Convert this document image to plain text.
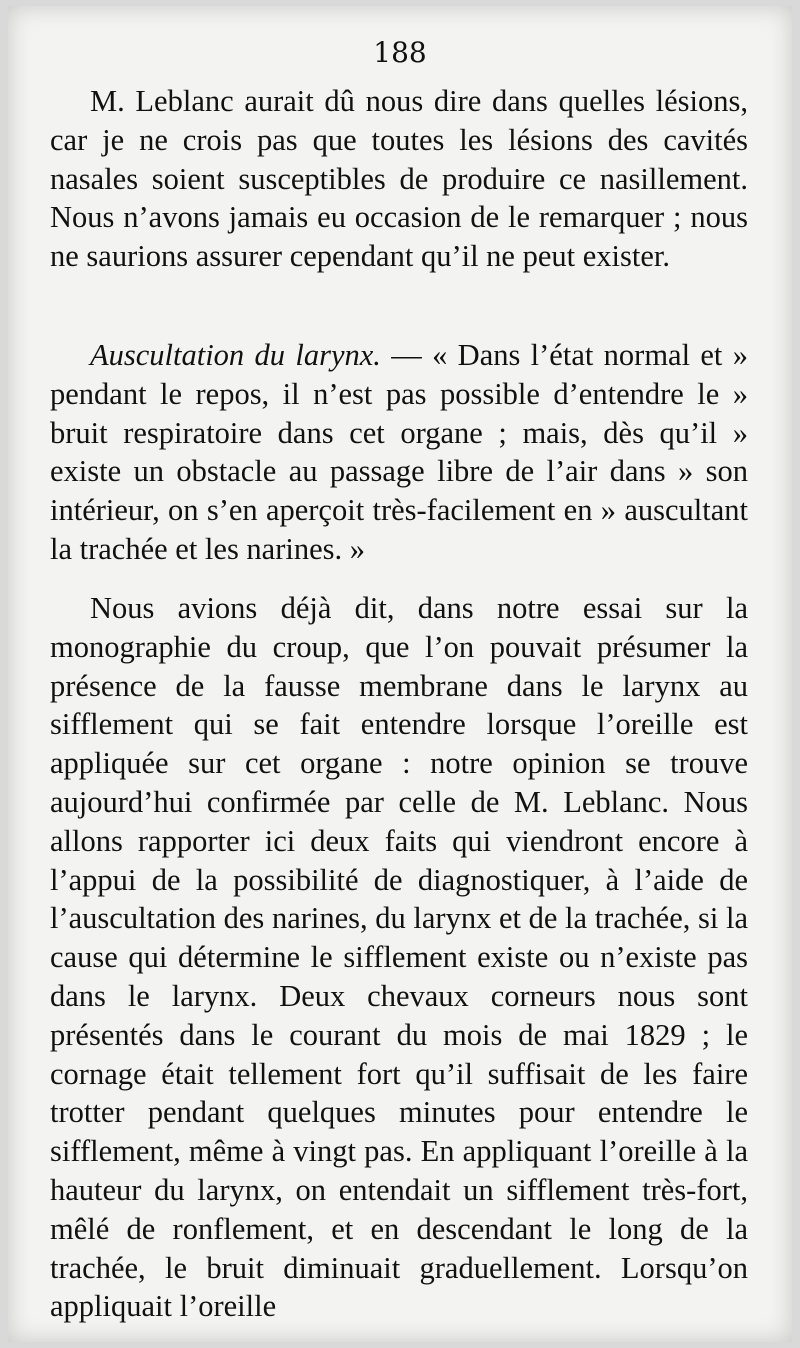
188
M. Leblanc aurait dû nous dire dans quelles lésions, car je ne crois pas que toutes les lésions des cavités nasales soient susceptibles de produire ce nasillement. Nous n’avons jamais eu occasion de le remarquer ; nous ne saurions assurer cependant qu’il ne peut exister.
Auscultation du larynx. — « Dans l’état normal et » pendant le repos, il n’est pas possible d’entendre le » bruit respiratoire dans cet organe ; mais, dès qu’il » existe un obstacle au passage libre de l’air dans » son intérieur, on s’en aperçoit très-facilement en » auscultant la trachée et les narines. »
Nous avions déjà dit, dans notre essai sur la monographie du croup, que l’on pouvait présumer la présence de la fausse membrane dans le larynx au sifflement qui se fait entendre lorsque l’oreille est appliquée sur cet organe : notre opinion se trouve aujourd’hui confirmée par celle de M. Leblanc. Nous allons rapporter ici deux faits qui viendront encore à l’appui de la possibilité de diagnostiquer, à l’aide de l’auscultation des narines, du larynx et de la trachée, si la cause qui détermine le sifflement existe ou n’existe pas dans le larynx. Deux chevaux corneurs nous sont présentés dans le courant du mois de mai 1829 ; le cornage était tellement fort qu’il suffisait de les faire trotter pendant quelques minutes pour entendre le sifflement, même à vingt pas. En appliquant l’oreille à la hauteur du larynx, on entendait un sifflement très-fort, mêlé de ronflement, et en descendant le long de la trachée, le bruit diminuait graduellement. Lorsqu’on appliquait l’oreille
